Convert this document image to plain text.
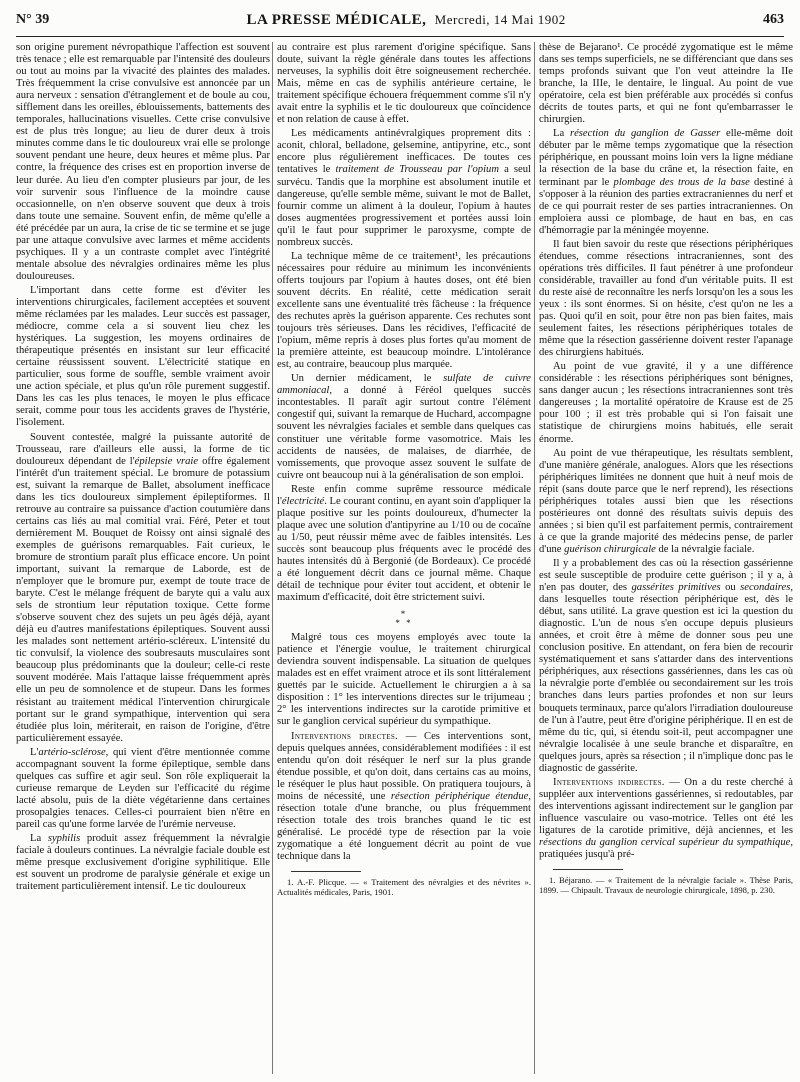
N° 39	LA PRESSE MÉDICALE, Mercredi, 14 Mai 1902	463

son origine purement névropathique l'affection est souvent très tenace ; elle est remarquable par l'intensité des douleurs ou tout au moins par la vivacité des plaintes des malades. Très fréquemment la crise convulsive est annoncée par un aura nerveux : sensation d'étranglement et de boule au cou, sifflement dans les oreilles, éblouissements, battements des temporales, hallucinations visuelles. Cette crise convulsive est de plus très longue; au lieu de durer deux à trois minutes comme dans le tic douloureux vrai elle se prolonge souvent pendant une heure, deux heures et même plus. Par contre, la fréquence des crises est en proportion inverse de leur durée. Au lieu d'en compter plusieurs par jour, de les voir survenir sous l'influence de la moindre cause occasionnelle, on n'en observe souvent que deux à trois dans toute une semaine. Souvent enfin, de même qu'elle a été précédée par un aura, la crise de tic se termine et se juge par une attaque convulsive avec larmes et même accidents psychiques. Il y a un contraste complet avec l'intégrité mentale absolue des névralgies ordinaires même les plus douloureuses.

L'important dans cette forme est d'éviter les interventions chirurgicales, facilement acceptées et souvent même réclamées par les malades. Leur succès est passager, médiocre, comme cela a si souvent lieu chez les hystériques. La suggestion, les moyens ordinaires de thérapeutique présentés en insistant sur leur efficacité certaine réussissent souvent. L'électricité statique en particulier, sous forme de souffle, semble vraiment avoir une action spéciale, et plus qu'un rôle purement suggestif. Dans les cas les plus tenaces, le moyen le plus efficace serait, comme pour tous les accidents graves de l'hystérie, l'isolement.

Souvent contestée, malgré la puissante autorité de Trousseau, rare d'ailleurs elle aussi, la forme de tic douloureux dépendant de l'épilepsie vraie offre également l'intérêt d'un traitement spécial. Le bromure de potassium est, suivant la remarque de Ballet, absolument inefficace dans les tics douloureux simplement épileptiformes. Il retrouve au contraire sa puissance d'action coutumière dans certains cas liés au mal comitial vrai. Féré, Peter et tout dernièrement M. Bouquet de Roissy ont ainsi signalé des exemples de guérisons remarquables. Fait curieux, le bromure de strontium paraît plus efficace encore. Un point important, suivant la remarque de Laborde, est de n'employer que le bromure pur, exempt de toute trace de baryte. C'est le mélange fréquent de baryte qui a valu aux sels de strontium leur réputation toxique. Cette forme s'observe souvent chez des sujets un peu âgés déjà, ayant déjà eu d'autres manifestations épileptiques. Souvent aussi les malades sont nettement artério-scléreux. L'intensité du tic convulsif, la violence des soubresauts musculaires sont beaucoup plus prédominants que la douleur; celle-ci reste souvent modérée. Mais l'attaque laisse fréquemment après elle un peu de somnolence et de stupeur. Dans les formes résistant au traitement médical l'intervention chirurgicale portant sur le grand sympathique, intervention qui sera étudiée plus loin, mériterait, en raison de l'origine, d'être particulièrement essayée.

L'artério-sclérose, qui vient d'être mentionnée comme accompagnant souvent la forme épileptique, semble dans quelques cas suffire et agir seul. Son rôle expliquerait la curieuse remarque de Leyden sur l'efficacité du régime lacté absolu, puis de la diète végétarienne dans certaines prosopalgies tenaces. Celles-ci pourraient bien n'être en pareil cas qu'une forme larvée de l'urémie nerveuse.

La syphilis produit assez fréquemment la névralgie faciale à douleurs continues. La névralgie faciale double est même presque exclusivement d'origine syphilitique. Elle est souvent un prodrome de paralysie générale et exige un traitement particulièrement intensif. Le tic douloureux

au contraire est plus rarement d'origine spécifique. Sans doute, suivant la règle générale dans toutes les affections nerveuses, la syphilis doit être soigneusement recherchée. Mais, même en cas de syphilis antérieure certaine, le traitement spécifique échouera fréquemment comme s'il n'y avait entre la syphilis et le tic douloureux que coïncidence et non relation de cause à effet.

Les médicaments antinévralgiques proprement dits : aconit, chloral, belladone, gelsemine, antipyrine, etc., sont encore plus régulièrement inefficaces. De toutes ces tentatives le traitement de Trousseau par l'opium a seul survécu. Tandis que la morphine est absolument inutile et dangereuse, qu'elle semble même, suivant le mot de Ballet, fournir comme un aliment à la douleur, l'opium à hautes doses augmentées progressivement et portées aussi loin qu'il le faut pour supprimer le paroxysme, compte de nombreux succès.

La technique même de ce traitement¹, les précautions nécessaires pour réduire au minimum les inconvénients offerts toujours par l'opium à hautes doses, ont été bien souvent décrits. En réalité, cette médication serait excellente sans une éventualité très fâcheuse : la fréquence des rechutes après la guérison apparente. Ces rechutes sont toujours très sérieuses. Dans les récidives, l'efficacité de l'opium, même repris à doses plus fortes qu'au moment de la première atteinte, est beaucoup moindre. L'intolérance est, au contraire, beaucoup plus marquée.

Un dernier médicament, le sulfate de cuivre ammoniacal, a donné à Féréol quelques succès incontestables. Il paraît agir surtout contre l'élément congestif qui, suivant la remarque de Huchard, accompagne souvent les névralgies faciales et semble dans quelques cas constituer une véritable forme vasomotrice. Mais les accidents de nausées, de malaises, de diarrhée, de vomissements, que provoque assez souvent le sulfate de cuivre ont beaucoup nui à la généralisation de son emploi.

Reste enfin comme suprême ressource médicale l'électricité. Le courant continu, en ayant soin d'appliquer la plaque positive sur les points douloureux, d'humecter la plaque avec une solution d'antipyrine au 1/10 ou de cocaïne au 1/50, peut réussir même avec de faibles intensités. Les succès sont beaucoup plus fréquents avec le procédé des hautes intensités dû à Bergonié (de Bordeaux). Ce procédé a été longuement décrit dans ce journal même. Chaque détail de technique pour éviter tout accident, et obtenir le maximum d'efficacité, doit être strictement suivi.

*
* *

Malgré tous ces moyens employés avec toute la patience et l'énergie voulue, le traitement chirurgical deviendra souvent indispensable. La situation de quelques malades est en effet vraiment atroce et ils sont littéralement guettés par le suicide. Actuellement le chirurgien a à sa disposition : 1° les interventions directes sur le trijumeau ; 2° les interventions indirectes sur la carotide primitive et sur le ganglion cervical supérieur du sympathique.

Interventions directes. — Ces interventions sont, depuis quelques années, considérablement modifiées : il est entendu qu'on doit réséquer le nerf sur la plus grande étendue possible, et qu'on doit, dans certains cas au moins, le réséquer le plus haut possible. On pratiquera toujours, à moins de nécessité, une résection périphérique étendue, résection totale d'une branche, ou plus fréquemment résection totale des trois branches quand le tic est généralisé. Le procédé type de résection par la voie zygomatique a été longuement décrit au point de vue technique dans la

1. A.-F. Plicque. — « Traitement des névralgies et des névrites ». Actualités médicales, Paris, 1901.

thèse de Bejarano¹. Ce procédé zygomatique est le même dans ses temps superficiels, ne se différenciant que dans ses temps profonds suivant que l'on veut atteindre la IIe branche, la IIIe, le dentaire, le lingual. Au point de vue opératoire, cela est bien préférable aux procédés si confus décrits de toutes parts, et qui ne font qu'embarrasser le chirurgien.

La résection du ganglion de Gasser elle-même doit débuter par le même temps zygomatique que la résection périphérique, en poussant moins loin vers la ligne médiane la résection de la base du crâne et, la résection faite, en terminant par le plombage des trous de la base destiné à s'opposer à la réunion des parties extracraniennes du nerf et de ce qui pourrait rester de ses parties intracraniennes. On emploiera aussi ce plombage, de haut en bas, en cas d'hémorragie par la méningée moyenne.

Il faut bien savoir du reste que résections périphériques étendues, comme résections intracraniennes, sont des opérations très difficiles. Il faut pénétrer à une profondeur considérable, travailler au fond d'un véritable puits. Il est du reste aisé de reconnaître les nerfs lorsqu'on les a sous les yeux : ils sont énormes. Si on hésite, c'est qu'on ne les a pas. Quoi qu'il en soit, pour être non pas bien faites, mais seulement faites, les résections périphériques totales de même que la résection gassérienne doivent rester l'apanage des chirurgiens habitués.

Au point de vue gravité, il y a une différence considérable : les résections périphériques sont bénignes, sans danger aucun ; les résections intracraniennes sont très dangereuses ; la mortalité opératoire de Krause est de 25 pour 100 ; il est très probable qui si l'on faisait une statistique de chirurgiens moins habitués, elle serait énorme.

Au point de vue thérapeutique, les résultats semblent, d'une manière générale, analogues. Alors que les résections périphériques limitées ne donnent que huit à neuf mois de répit (sans doute parce que le nerf reprend), les résections périphériques totales aussi bien que les résections postérieures ont donné des résultats suivis depuis des années ; si bien qu'il est parfaitement permis, contrairement à ce que la grande majorité des médecins pense, de parler d'une guérison chirurgicale de la névralgie faciale.

Il y a probablement des cas où la résection gassérienne est seule susceptible de produire cette guérison ; il y a, à n'en pas douter, des gassérites primitives ou secondaires, dans lesquelles toute résection périphérique est, dès le début, sans utilité. La grave question est ici la question du diagnostic. L'un de nous s'en occupe depuis plusieurs années, et croit être à même de donner sous peu une conclusion positive. En attendant, on fera bien de recourir systématiquement et sans s'attarder dans des interventions périphériques, aux résections gassériennes, dans les cas où la névralgie porte d'emblée ou secondairement sur les trois branches dans leurs parties profondes et non sur leurs bouquets terminaux, parce qu'alors l'irradiation douloureuse de l'un à l'autre, peut être d'origine périphérique. Il en est de même du tic, qui, si étendu soit-il, peut accompagner une névralgie localisée à une seule branche et disparaître, en quelques jours, après sa résection ; il n'implique donc pas le diagnostic de gassérite.

Interventions indirectes. — On a du reste cherché à suppléer aux interventions gassériennes, si redoutables, par des interventions agissant indirectement sur le ganglion par influence vasculaire ou vaso-motrice. Telles ont été les ligatures de la carotide primitive, déjà anciennes, et les résections du ganglion cervical supérieur du sympathique, pratiquées jusqu'à pré-

1. Béjarano. — « Traitement de la névralgie faciale ». Thèse Paris, 1899. — Chipault. Travaux de neurologie chirurgicale, 1898, p. 230.
